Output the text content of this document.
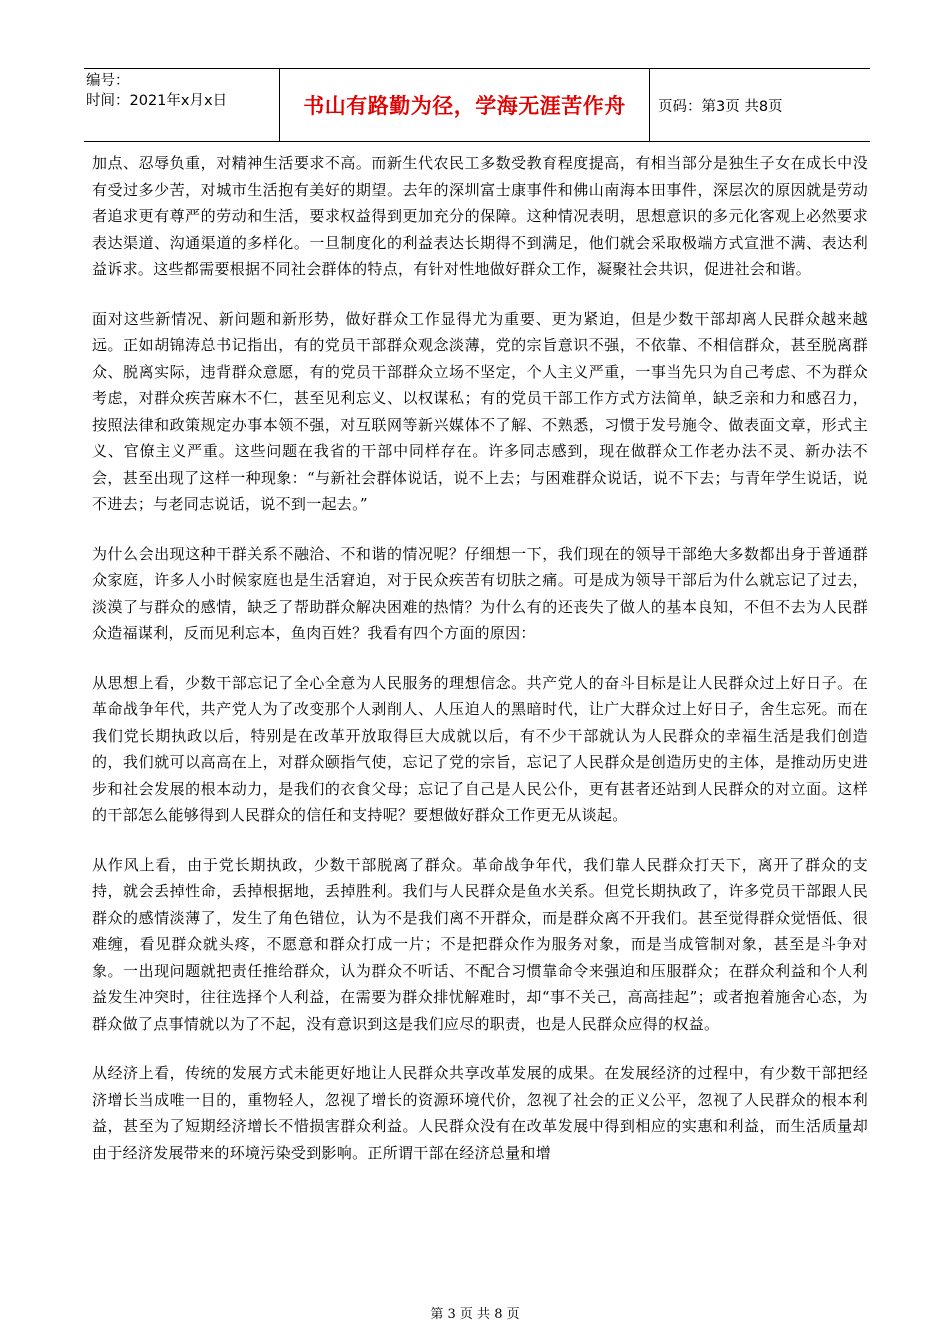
编号：
时间：2021年x月x日	书山有路勤为径，学海无涯苦作舟 页码：第3页 共8页

加点、忍辱负重，对精神生活要求不高。而新生代农民工多数受教育程度提高，有相当部分是独生子女在成长中没有受过多少苦，对城市生活抱有美好的期望。去年的深圳富士康事件和佛山南海本田事件，深层次的原因就是劳动者追求更有尊严的劳动和生活，要求权益得到更加充分的保障。这种情况表明，思想意识的多元化客观上必然要求表达渠道、沟通渠道的多样化。一旦制度化的利益表达长期得不到满足，他们就会采取极端方式宣泄不满、表达利益诉求。这些都需要根据不同社会群体的特点，有针对性地做好群众工作，凝聚社会共识，促进社会和谐。

面对这些新情况、新问题和新形势，做好群众工作显得尤为重要、更为紧迫，但是少数干部却离人民群众越来越远。正如胡锦涛总书记指出，有的党员干部群众观念淡薄，党的宗旨意识不强，不依靠、不相信群众，甚至脱离群众、脱离实际，违背群众意愿，有的党员干部群众立场不坚定，个人主义严重，一事当先只为自己考虑、不为群众考虑，对群众疾苦麻木不仁，甚至见利忘义、以权谋私；有的党员干部工作方式方法简单，缺乏亲和力和感召力，按照法律和政策规定办事本领不强，对互联网等新兴媒体不了解、不熟悉，习惯于发号施令、做表面文章，形式主义、官僚主义严重。这些问题在我省的干部中同样存在。许多同志感到，现在做群众工作老办法不灵、新办法不会，甚至出现了这样一种现象：“与新社会群体说话，说不上去；与困难群众说话，说不下去；与青年学生说话，说不进去；与老同志说话，说不到一起去。”

为什么会出现这种干群关系不融洽、不和谐的情况呢？仔细想一下，我们现在的领导干部绝大多数都出身于普通群众家庭，许多人小时候家庭也是生活窘迫，对于民众疾苦有切肤之痛。可是成为领导干部后为什么就忘记了过去，淡漠了与群众的感情，缺乏了帮助群众解决困难的热情？为什么有的还丧失了做人的基本良知，不但不去为人民群众造福谋利，反而见利忘本，鱼肉百姓？我看有四个方面的原因：

从思想上看，少数干部忘记了全心全意为人民服务的理想信念。共产党人的奋斗目标是让人民群众过上好日子。在革命战争年代，共产党人为了改变那个人剥削人、人压迫人的黑暗时代，让广大群众过上好日子，舍生忘死。而在我们党长期执政以后，特别是在改革开放取得巨大成就以后，有不少干部就认为人民群众的幸福生活是我们创造的，我们就可以高高在上，对群众颐指气使，忘记了党的宗旨，忘记了人民群众是创造历史的主体，是推动历史进步和社会发展的根本动力，是我们的衣食父母；忘记了自己是人民公仆，更有甚者还站到人民群众的对立面。这样的干部怎么能够得到人民群众的信任和支持呢？要想做好群众工作更无从谈起。

从作风上看，由于党长期执政，少数干部脱离了群众。革命战争年代，我们靠人民群众打天下，离开了群众的支持，就会丢掉性命，丢掉根据地，丢掉胜利。我们与人民群众是鱼水关系。但党长期执政了，许多党员干部跟人民群众的感情淡薄了，发生了角色错位，认为不是我们离不开群众，而是群众离不开我们。甚至觉得群众觉悟低、很难缠，看见群众就头疼，不愿意和群众打成一片；不是把群众作为服务对象，而是当成管制对象，甚至是斗争对象。一出现问题就把责任推给群众，认为群众不听话、不配合习惯靠命令来强迫和压服群众；在群众利益和个人利益发生冲突时，往往选择个人利益，在需要为群众排忧解难时，却“事不关己，高高挂起”；或者抱着施舍心态，为群众做了点事情就以为了不起，没有意识到这是我们应尽的职责，也是人民群众应得的权益。

从经济上看，传统的发展方式未能更好地让人民群众共享改革发展的成果。在发展经济的过程中，有少数干部把经济增长当成唯一目的，重物轻人，忽视了增长的资源环境代价，忽视了社会的正义公平，忽视了人民群众的根本利益，甚至为了短期经济增长不惜损害群众利益。人民群众没有在改革发展中得到相应的实惠和利益，而生活质量却由于经济发展带来的环境污染受到影响。正所谓干部在经济总量和增

第 3 页 共 8 页
